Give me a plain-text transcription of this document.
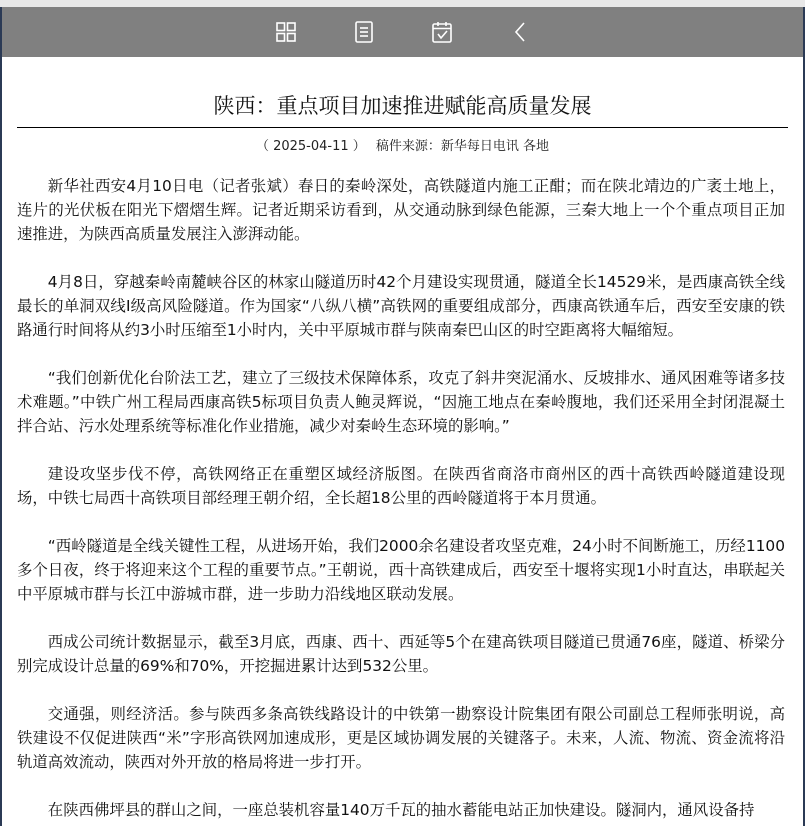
陕西：重点项目加速推进赋能高质量发展
（ 2025-04-11 ） 稿件来源：新华每日电讯 各地

新华社西安4月10日电（记者张斌）春日的秦岭深处，高铁隧道内施工正酣；而在陕北靖边的广袤土地上，连片的光伏板在阳光下熠熠生辉。记者近期采访看到，从交通动脉到绿色能源，三秦大地上一个个重点项目正加速推进，为陕西高质量发展注入澎湃动能。

4月8日，穿越秦岭南麓峡谷区的林家山隧道历时42个月建设实现贯通，隧道全长14529米，是西康高铁全线最长的单洞双线I级高风险隧道。作为国家“八纵八横”高铁网的重要组成部分，西康高铁通车后，西安至安康的铁路通行时间将从约3小时压缩至1小时内，关中平原城市群与陕南秦巴山区的时空距离将大幅缩短。

“我们创新优化台阶法工艺，建立了三级技术保障体系，攻克了斜井突泥涌水、反坡排水、通风困难等诸多技术难题。”中铁广州工程局西康高铁5标项目负责人鲍灵辉说，“因施工地点在秦岭腹地，我们还采用全封闭混凝土拌合站、污水处理系统等标准化作业措施，减少对秦岭生态环境的影响。”

建设攻坚步伐不停，高铁网络正在重塑区域经济版图。在陕西省商洛市商州区的西十高铁西岭隧道建设现场，中铁七局西十高铁项目部经理王朝介绍，全长超18公里的西岭隧道将于本月贯通。

“西岭隧道是全线关键性工程，从进场开始，我们2000余名建设者攻坚克难，24小时不间断施工，历经1100多个日夜，终于将迎来这个工程的重要节点。”王朝说，西十高铁建成后，西安至十堰将实现1小时直达，串联起关中平原城市群与长江中游城市群，进一步助力沿线地区联动发展。

西成公司统计数据显示，截至3月底，西康、西十、西延等5个在建高铁项目隧道已贯通76座，隧道、桥梁分别完成设计总量的69%和70%，开挖掘进累计达到532公里。

交通强，则经济活。参与陕西多条高铁线路设计的中铁第一勘察设计院集团有限公司副总工程师张明说，高铁建设不仅促进陕西“米”字形高铁网加速成形，更是区域协调发展的关键落子。未来，人流、物流、资金流将沿轨道高效流动，陕西对外开放的格局将进一步打开。

在陕西佛坪县的群山之间，一座总装机容量140万千瓦的抽水蓄能电站正加快建设。隧洞内，通风设备持
